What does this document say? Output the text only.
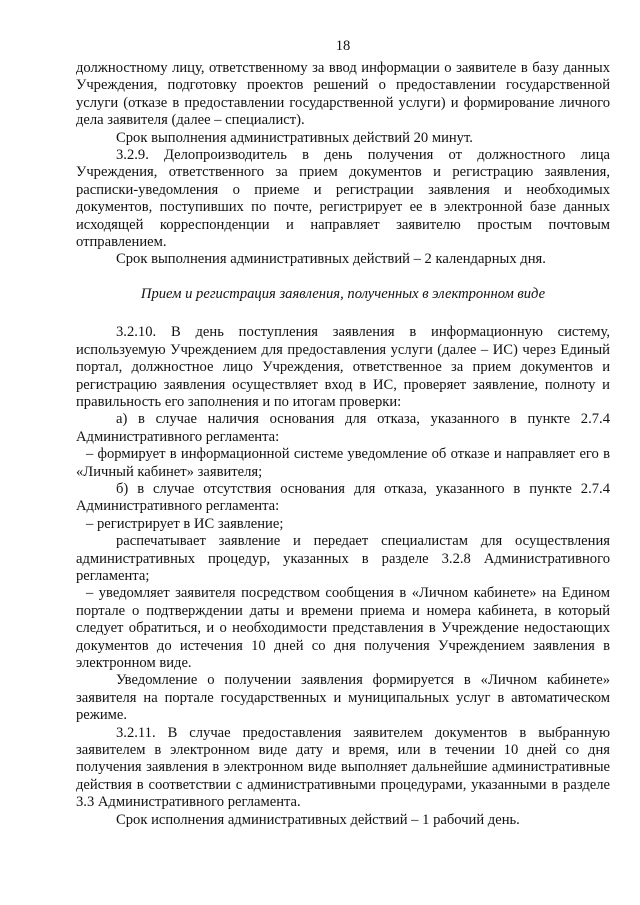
18

должностному лицу, ответственному за ввод информации о заявителе в базу данных Учреждения, подготовку проектов решений о предоставлении государственной услуги (отказе в предоставлении государственной услуги) и формирование личного дела заявителя (далее – специалист).

Срок выполнения административных действий 20 минут.

3.2.9. Делопроизводитель в день получения от должностного лица Учреждения, ответственного за прием документов и регистрацию заявления, расписки-уведомления о приеме и регистрации заявления и необходимых документов, поступивших по почте, регистрирует ее в электронной базе данных исходящей корреспонденции и направляет заявителю простым почтовым отправлением.

Срок выполнения административных действий – 2 календарных дня.

Прием и регистрация заявления, полученных в электронном виде

3.2.10. В день поступления заявления в информационную систему, используемую Учреждением для предоставления услуги (далее – ИС) через Единый портал, должностное лицо Учреждения, ответственное за прием документов и регистрацию заявления осуществляет вход в ИС, проверяет заявление, полноту и правильность его заполнения и по итогам проверки:

а) в случае наличия основания для отказа, указанного в пункте 2.7.4 Административного регламента:

– формирует в информационной системе уведомление об отказе и направляет его в «Личный кабинет» заявителя;

б) в случае отсутствия основания для отказа, указанного в пункте 2.7.4 Административного регламента:

– регистрирует в ИС заявление;

распечатывает заявление и передает специалистам для осуществления административных процедур, указанных в разделе 3.2.8 Административного регламента;

– уведомляет заявителя посредством сообщения в «Личном кабинете» на Едином портале о подтверждении даты и времени приема и номера кабинета, в который следует обратиться, и о необходимости представления в Учреждение недостающих документов до истечения 10 дней со дня получения Учреждением заявления в электронном виде.

Уведомление о получении заявления формируется в «Личном кабинете» заявителя на портале государственных и муниципальных услуг в автоматическом режиме.

3.2.11. В случае предоставления заявителем документов в выбранную заявителем в электронном виде дату и время, или в течении 10 дней со дня получения заявления в электронном виде выполняет дальнейшие административные действия в соответствии с административными процедурами, указанными в разделе 3.3 Административного регламента.

Срок исполнения административных действий – 1 рабочий день.
